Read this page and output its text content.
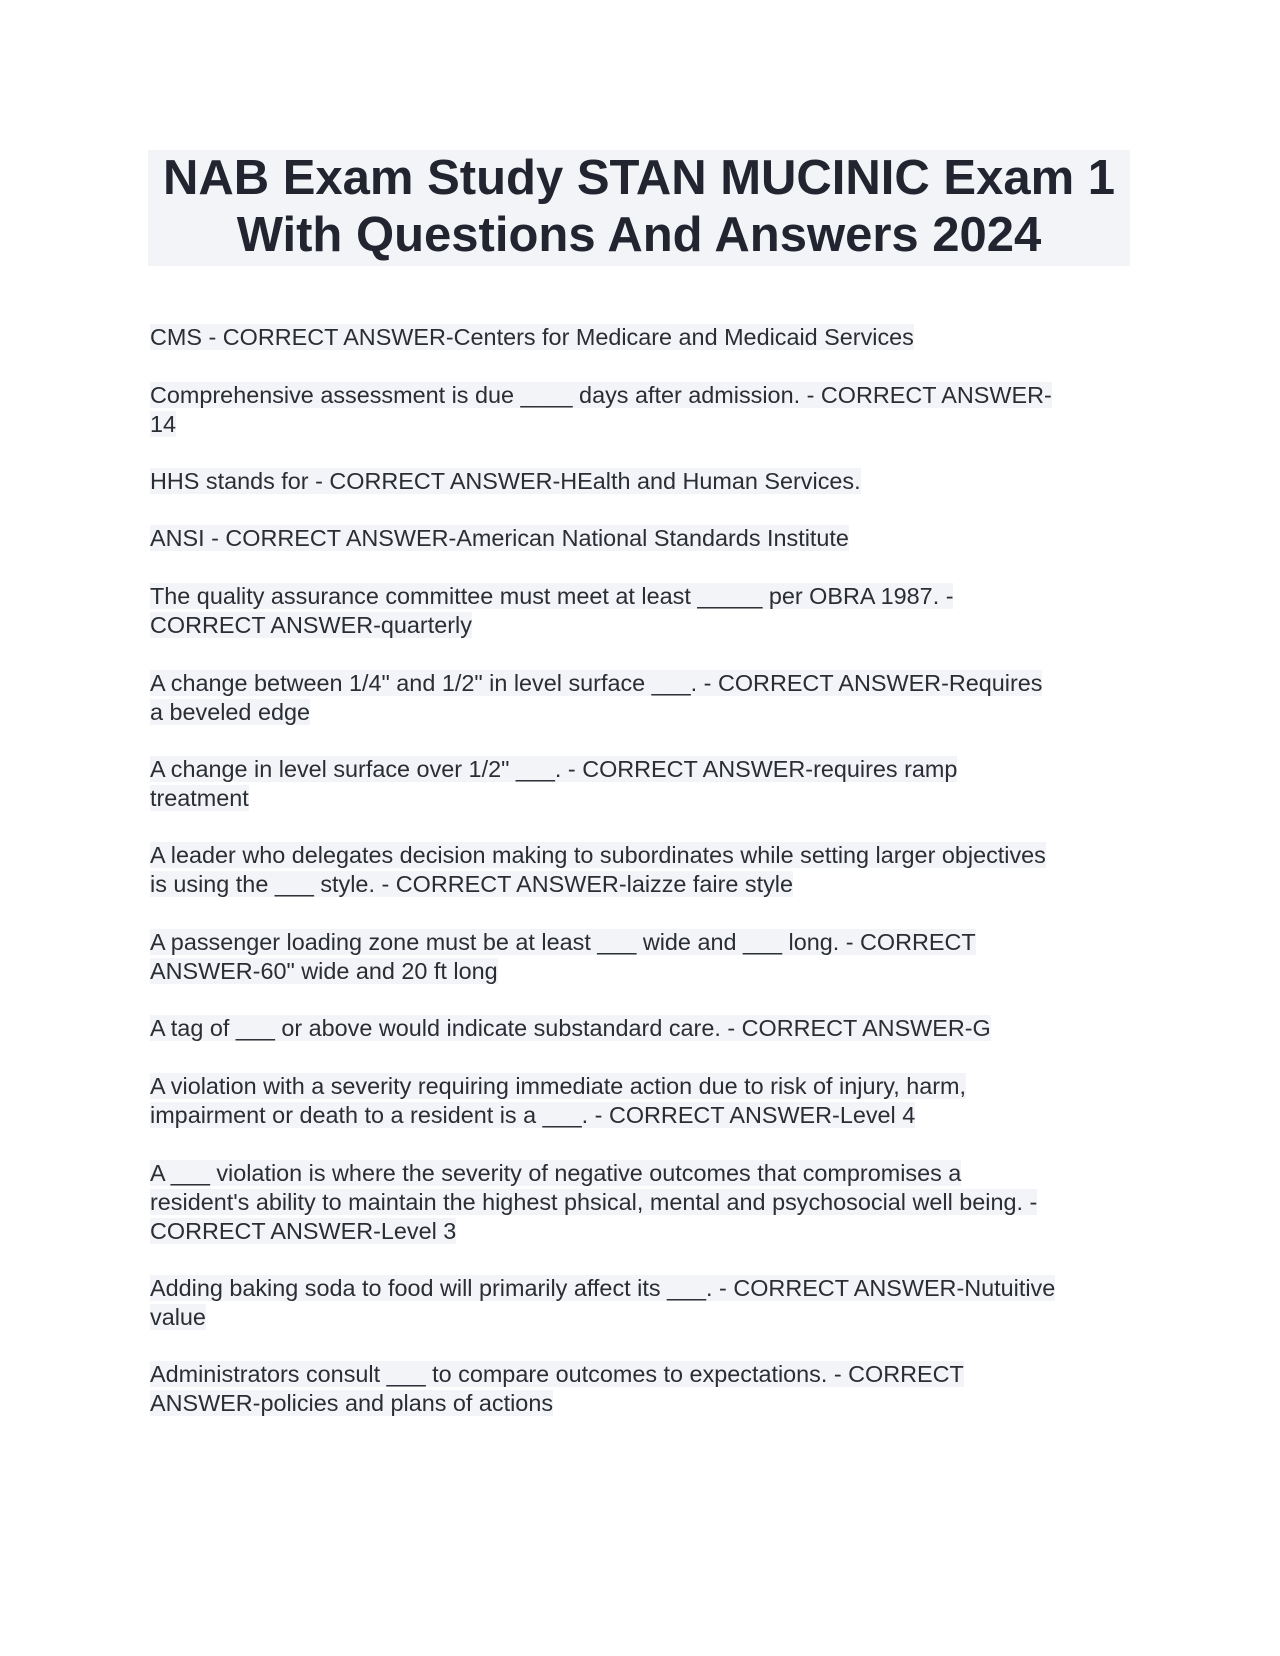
NAB Exam Study STAN MUCINIC Exam 1
With Questions And Answers 2024
CMS - CORRECT ANSWER-Centers for Medicare and Medicaid Services
Comprehensive assessment is due ____ days after admission. - CORRECT ANSWER-
14
HHS stands for - CORRECT ANSWER-HEalth and Human Services.
ANSI - CORRECT ANSWER-American National Standards Institute
The quality assurance committee must meet at least _____ per OBRA 1987. -
CORRECT ANSWER-quarterly
A change between 1/4" and 1/2" in level surface ___. - CORRECT ANSWER-Requires
a beveled edge
A change in level surface over 1/2" ___. - CORRECT ANSWER-requires ramp
treatment
A leader who delegates decision making to subordinates while setting larger objectives
is using the ___ style. - CORRECT ANSWER-laizze faire style
A passenger loading zone must be at least ___ wide and ___ long. - CORRECT
ANSWER-60" wide and 20 ft long
A tag of ___ or above would indicate substandard care. - CORRECT ANSWER-G
A violation with a severity requiring immediate action due to risk of injury, harm,
impairment or death to a resident is a ___. - CORRECT ANSWER-Level 4
A ___ violation is where the severity of negative outcomes that compromises a
resident's ability to maintain the highest phsical, mental and psychosocial well being. -
CORRECT ANSWER-Level 3
Adding baking soda to food will primarily affect its ___. - CORRECT ANSWER-Nutuitive
value
Administrators consult ___ to compare outcomes to expectations. - CORRECT
ANSWER-policies and plans of actions
